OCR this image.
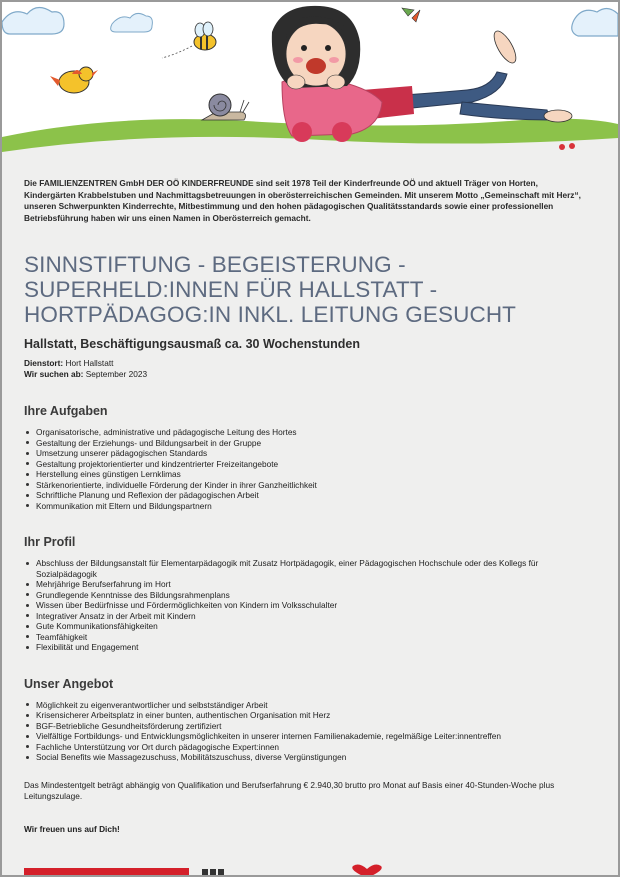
Die FAMILIENZENTREN GmbH DER OÖ KINDERFREUNDE sind seit 1978 Teil der Kinderfreunde OÖ und aktuell Träger von Horten, Kindergärten Krabbelstuben und Nachmittagsbetreuungen in oberösterreichischen Gemeinden. Mit unserem Motto „Gemeinschaft mit Herz“, unseren Schwerpunkten Kinderrechte, Mitbestimmung und den hohen pädagogischen Qualitätsstandards sowie einer professionellen Betriebsführung haben wir uns einen Namen in Oberösterreich gemacht.

SINNSTIFTUNG - BEGEISTERUNG -
SUPERHELD:INNEN FÜR HALLSTATT -
HORTPÄDAGOG:IN INKL. LEITUNG GESUCHT
Hallstatt, Beschäftigungsausmaß ca. 30 Wochenstunden
Dienstort: Hort Hallstatt
Wir suchen ab: September 2023
Ihre Aufgaben
Organisatorische, administrative und pädagogische Leitung des Hortes
Gestaltung der Erziehungs- und Bildungsarbeit in der Gruppe
Umsetzung unserer pädagogischen Standards
Gestaltung projektorientierter und kindzentrierter Freizeitangebote
Herstellung eines günstigen Lernklimas
Stärkenorientierte, individuelle Förderung der Kinder in ihrer Ganzheitlichkeit
Schriftliche Planung und Reflexion der pädagogischen Arbeit
Kommunikation mit Eltern und Bildungspartnern
Ihr Profil
Abschluss der Bildungsanstalt für Elementarpädagogik mit Zusatz Hortpädagogik, einer Pädagogischen Hochschule oder des Kollegs für Sozialpädagogik
Mehrjährige Berufserfahrung im Hort
Grundlegende Kenntnisse des Bildungsrahmenplans
Wissen über Bedürfnisse und Fördermöglichkeiten von Kindern im Volksschulalter
Integrativer Ansatz in der Arbeit mit Kindern
Gute Kommunikationsfähigkeiten
Teamfähigkeit
Flexibilität und Engagement
Unser Angebot
Möglichkeit zu eigenverantwortlicher und selbstständiger Arbeit
Krisensicherer Arbeitsplatz in einer bunten, authentischen Organisation mit Herz
BGF-Betriebliche Gesundheitsförderung zertifiziert
Vielfältige Fortbildungs- und Entwicklungsmöglichkeiten in unserer internen Familienakademie, regelmäßige Leiter:innentreffen
Fachliche Unterstützung vor Ort durch pädagogische Expert:innen
Social Benefits wie Massagezuschuss, Mobilitätszuschuss, diverse Vergünstigungen

Das Mindestentgelt beträgt abhängig von Qualifikation und Berufserfahrung € 2.940,30 brutto pro Monat auf Basis einer 40-Stunden-Woche plus Leitungszulage.

Wir freuen uns auf Dich!
